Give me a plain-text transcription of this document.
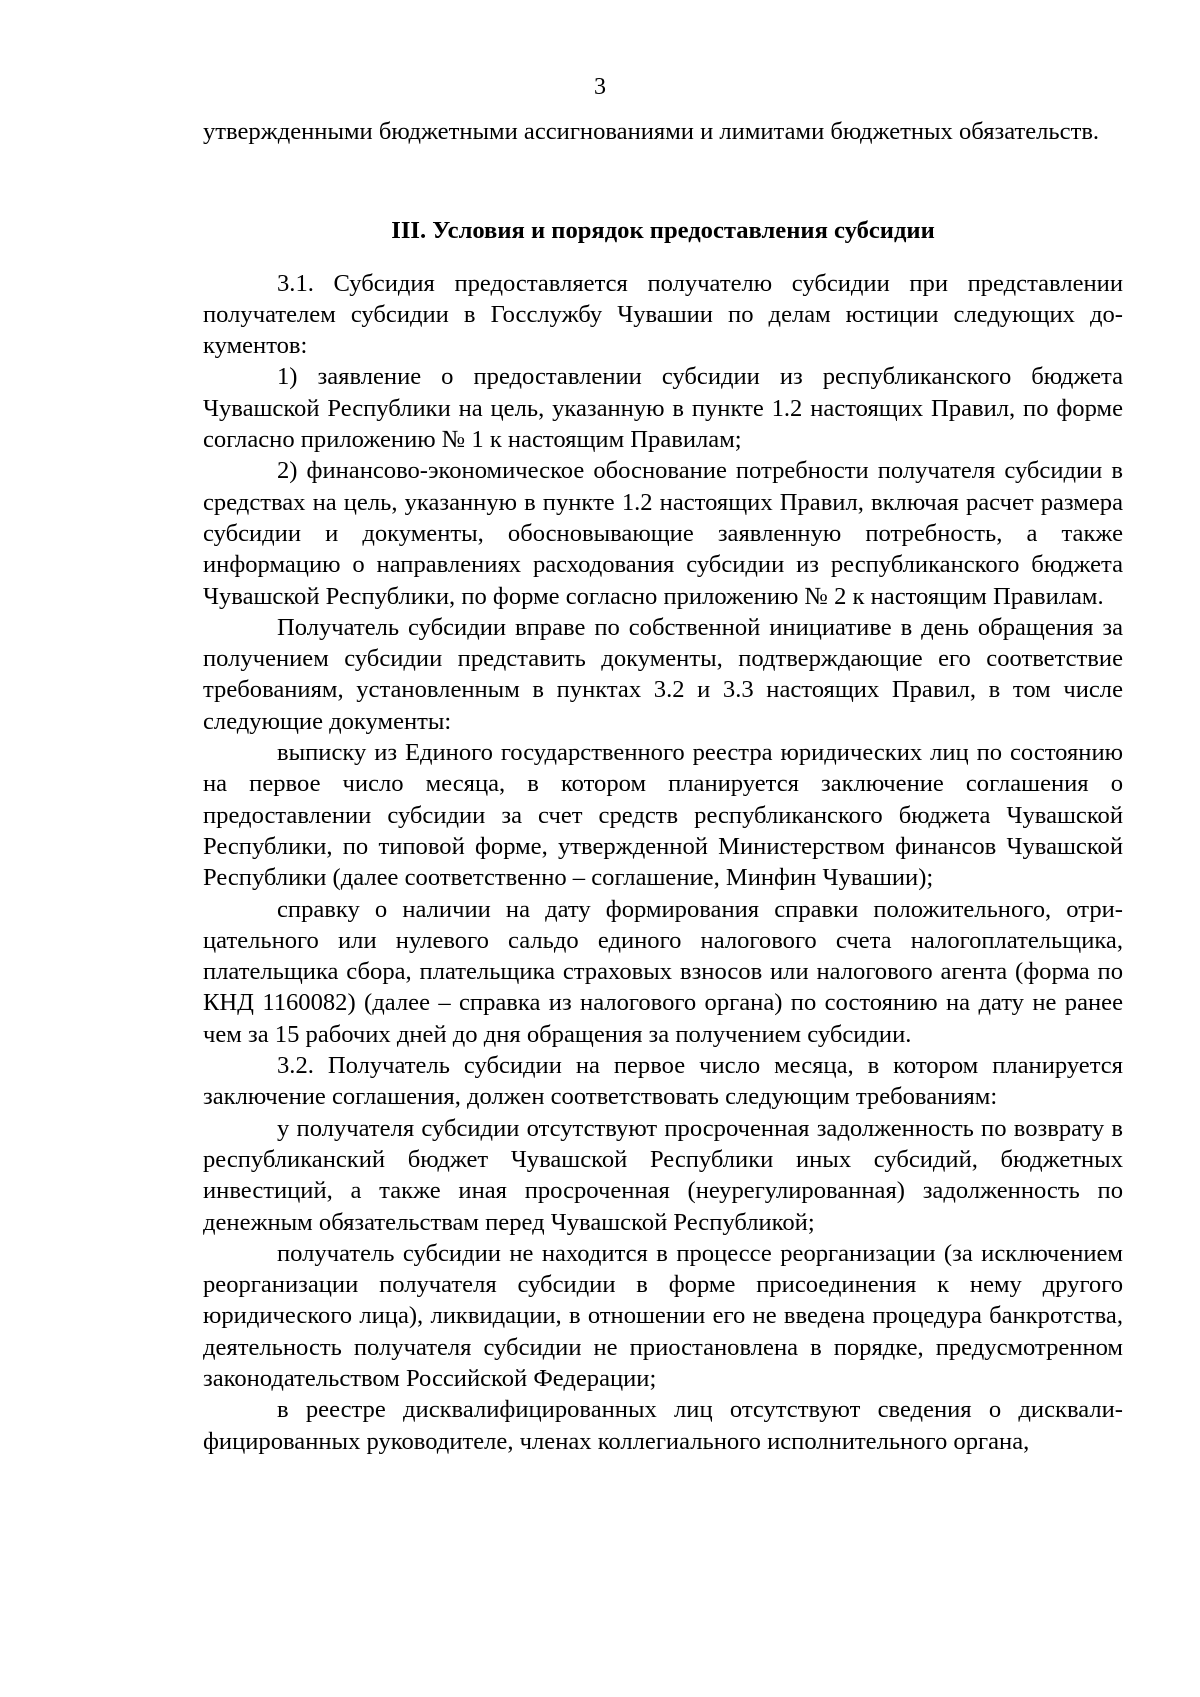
3

утвержденными бюджетными ассигнованиями и лимитами бюджетных обязательств.

III. Условия и порядок предоставления субсидии

3.1. Субсидия предоставляется получателю субсидии при представлении получателем субсидии в Госслужбу Чувашии по делам юстиции следующих документов:

1) заявление о предоставлении субсидии из республиканского бюджета Чувашской Республики на цель, указанную в пункте 1.2 настоящих Правил, по форме согласно приложению № 1 к настоящим Правилам;

2) финансово-экономическое обоснование потребности получателя субсидии в средствах на цель, указанную в пункте 1.2 настоящих Правил, включая расчет размера субсидии и документы, обосновывающие заявленную потребность, а также информацию о направлениях расходования субсидии из республиканского бюджета Чувашской Республики, по форме согласно приложению № 2 к настоящим Правилам.

Получатель субсидии вправе по собственной инициативе в день обращения за получением субсидии представить документы, подтверждающие его соответствие требованиям, установленным в пунктах 3.2 и 3.3 настоящих Правил, в том числе следующие документы:

выписку из Единого государственного реестра юридических лиц по состоянию на первое число месяца, в котором планируется заключение соглашения о предоставлении субсидии за счет средств республиканского бюджета Чувашской Республики, по типовой форме, утвержденной Министерством финансов Чувашской Республики (далее соответственно – соглашение, Минфин Чувашии);

справку о наличии на дату формирования справки положительного, отрицательного или нулевого сальдо единого налогового счета налогоплательщика, плательщика сбора, плательщика страховых взносов или налогового агента (форма по КНД 1160082) (далее – справка из налогового органа) по состоянию на дату не ранее чем за 15 рабочих дней до дня обращения за получением субсидии.

3.2. Получатель субсидии на первое число месяца, в котором планируется заключение соглашения, должен соответствовать следующим требованиям:

у получателя субсидии отсутствуют просроченная задолженность по возврату в республиканский бюджет Чувашской Республики иных субсидий, бюджетных инвестиций, а также иная просроченная (неурегулированная) задолженность по денежным обязательствам перед Чувашской Республикой;

получатель субсидии не находится в процессе реорганизации (за исключением реорганизации получателя субсидии в форме присоединения к нему другого юридического лица), ликвидации, в отношении его не введена процедура банкротства, деятельность получателя субсидии не приостановлена в порядке, предусмотренном законодательством Российской Федерации;

в реестре дисквалифицированных лиц отсутствуют сведения о дисквалифицированных руководителе, членах коллегиального исполнительного органа,
